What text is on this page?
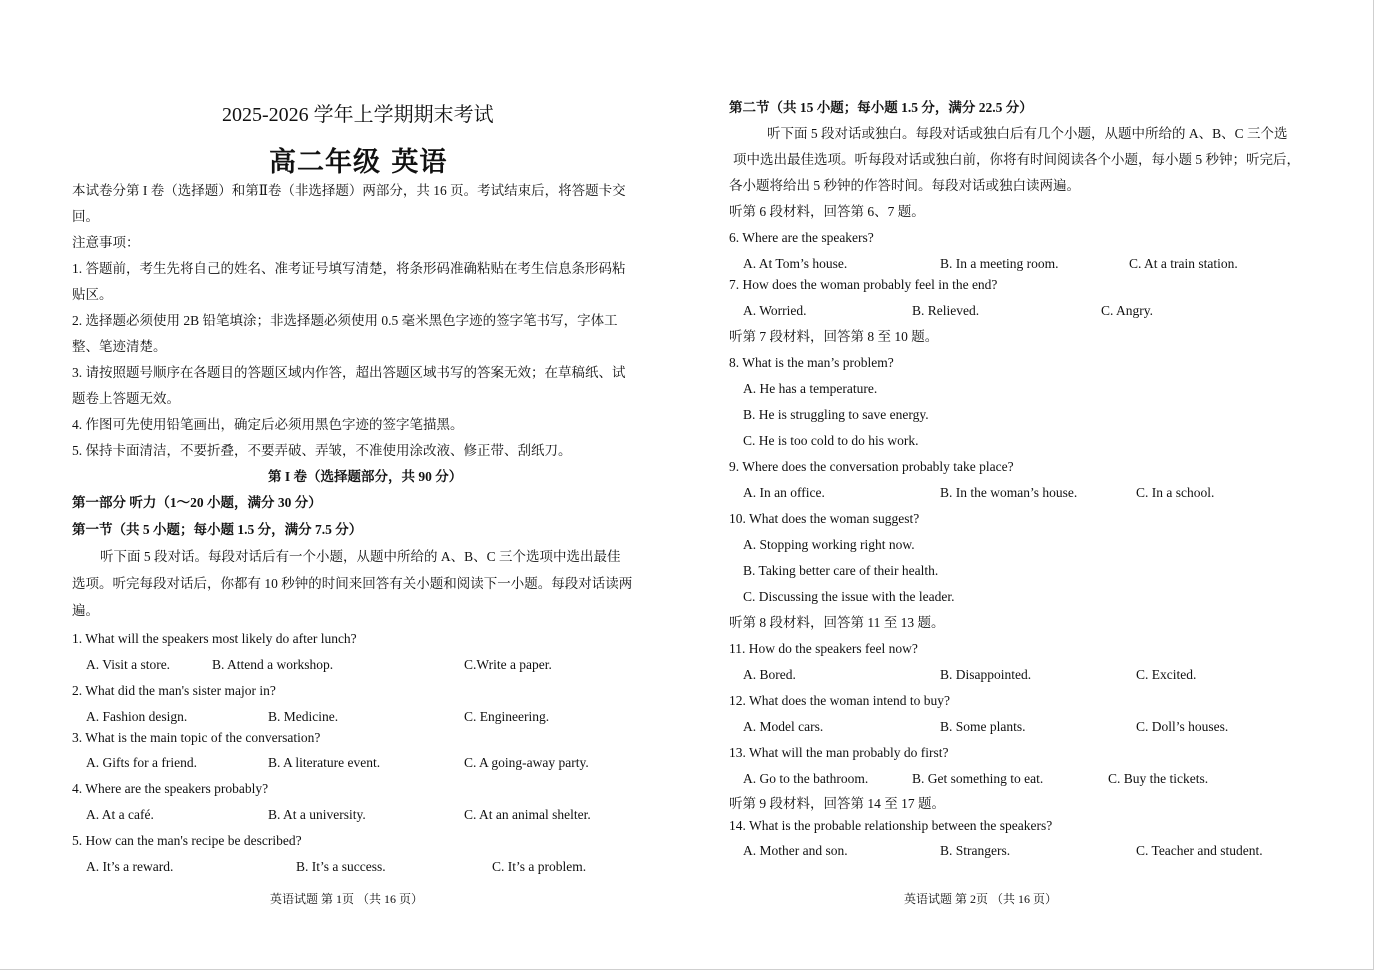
2025-2026 学年上学期期末考试
高二年级 英语
本试卷分第 I 卷（选择题）和第Ⅱ卷（非选择题）两部分，共 16 页。考试结束后，将答题卡交
回。
注意事项：
1. 答题前，考生先将自己的姓名、准考证号填写清楚，将条形码准确粘贴在考生信息条形码粘
贴区。
2. 选择题必须使用 2B 铅笔填涂；非选择题必须使用 0.5 毫米黑色字迹的签字笔书写，字体工
整、笔迹清楚。
3. 请按照题号顺序在各题目的答题区域内作答，超出答题区域书写的答案无效；在草稿纸、试
题卷上答题无效。
4. 作图可先使用铅笔画出，确定后必须用黑色字迹的签字笔描黑。
5. 保持卡面清洁，不要折叠，不要弄破、弄皱，不准使用涂改液、修正带、刮纸刀。
第 I 卷（选择题部分，共 90 分）
第一部分 听力（1～20 小题，满分 30 分）
第一节（共 5 小题；每小题 1.5 分，满分 7.5 分）
听下面 5 段对话。每段对话后有一个小题，从题中所给的 A、B、C 三个选项中选出最佳
选项。听完每段对话后，你都有 10 秒钟的时间来回答有关小题和阅读下一小题。每段对话读两
遍。
1. What will the speakers most likely do after lunch?
A. Visit a store.	B. Attend a workshop.	C.Write a paper.
2. What did the man's sister major in?
A. Fashion design.	B. Medicine.	C. Engineering.
3. What is the main topic of the conversation?
A. Gifts for a friend.	B. A literature event.	C. A going-away party.
4. Where are the speakers probably?
A. At a café.	B. At a university.	C. At an animal shelter.
5. How can the man's recipe be described?
A. It’s a reward.	B. It’s a success.	C. It’s a problem.
英语试题 第 1页 （共 16 页）
第二节（共 15 小题；每小题 1.5 分，满分 22.5 分）
听下面 5 段对话或独白。每段对话或独白后有几个小题，从题中所给的 A、B、C 三个选
项中选出最佳选项。听每段对话或独白前，你将有时间阅读各个小题，每小题 5 秒钟；听完后，
各小题将给出 5 秒钟的作答时间。每段对话或独白读两遍。
听第 6 段材料，回答第 6、7 题。
6. Where are the speakers?
A. At Tom’s house.	B. In a meeting room.	C. At a train station.
7. How does the woman probably feel in the end?
A. Worried.	B. Relieved.	C. Angry.
听第 7 段材料，回答第 8 至 10 题。
8. What is the man’s problem?
A. He has a temperature.
B. He is struggling to save energy.
C. He is too cold to do his work.
9. Where does the conversation probably take place?
A. In an office.	B. In the woman’s house.	C. In a school.
10. What does the woman suggest?
A. Stopping working right now.
B. Taking better care of their health.
C. Discussing the issue with the leader.
听第 8 段材料，回答第 11 至 13 题。
11. How do the speakers feel now?
A. Bored.	B. Disappointed.	C. Excited.
12. What does the woman intend to buy?
A. Model cars.	B. Some plants.	C. Doll’s houses.
13. What will the man probably do first?
A. Go to the bathroom.	B. Get something to eat.	C. Buy the tickets.
听第 9 段材料，回答第 14 至 17 题。
14. What is the probable relationship between the speakers?
A. Mother and son.	B. Strangers.	C. Teacher and student.
英语试题 第 2页 （共 16 页）
